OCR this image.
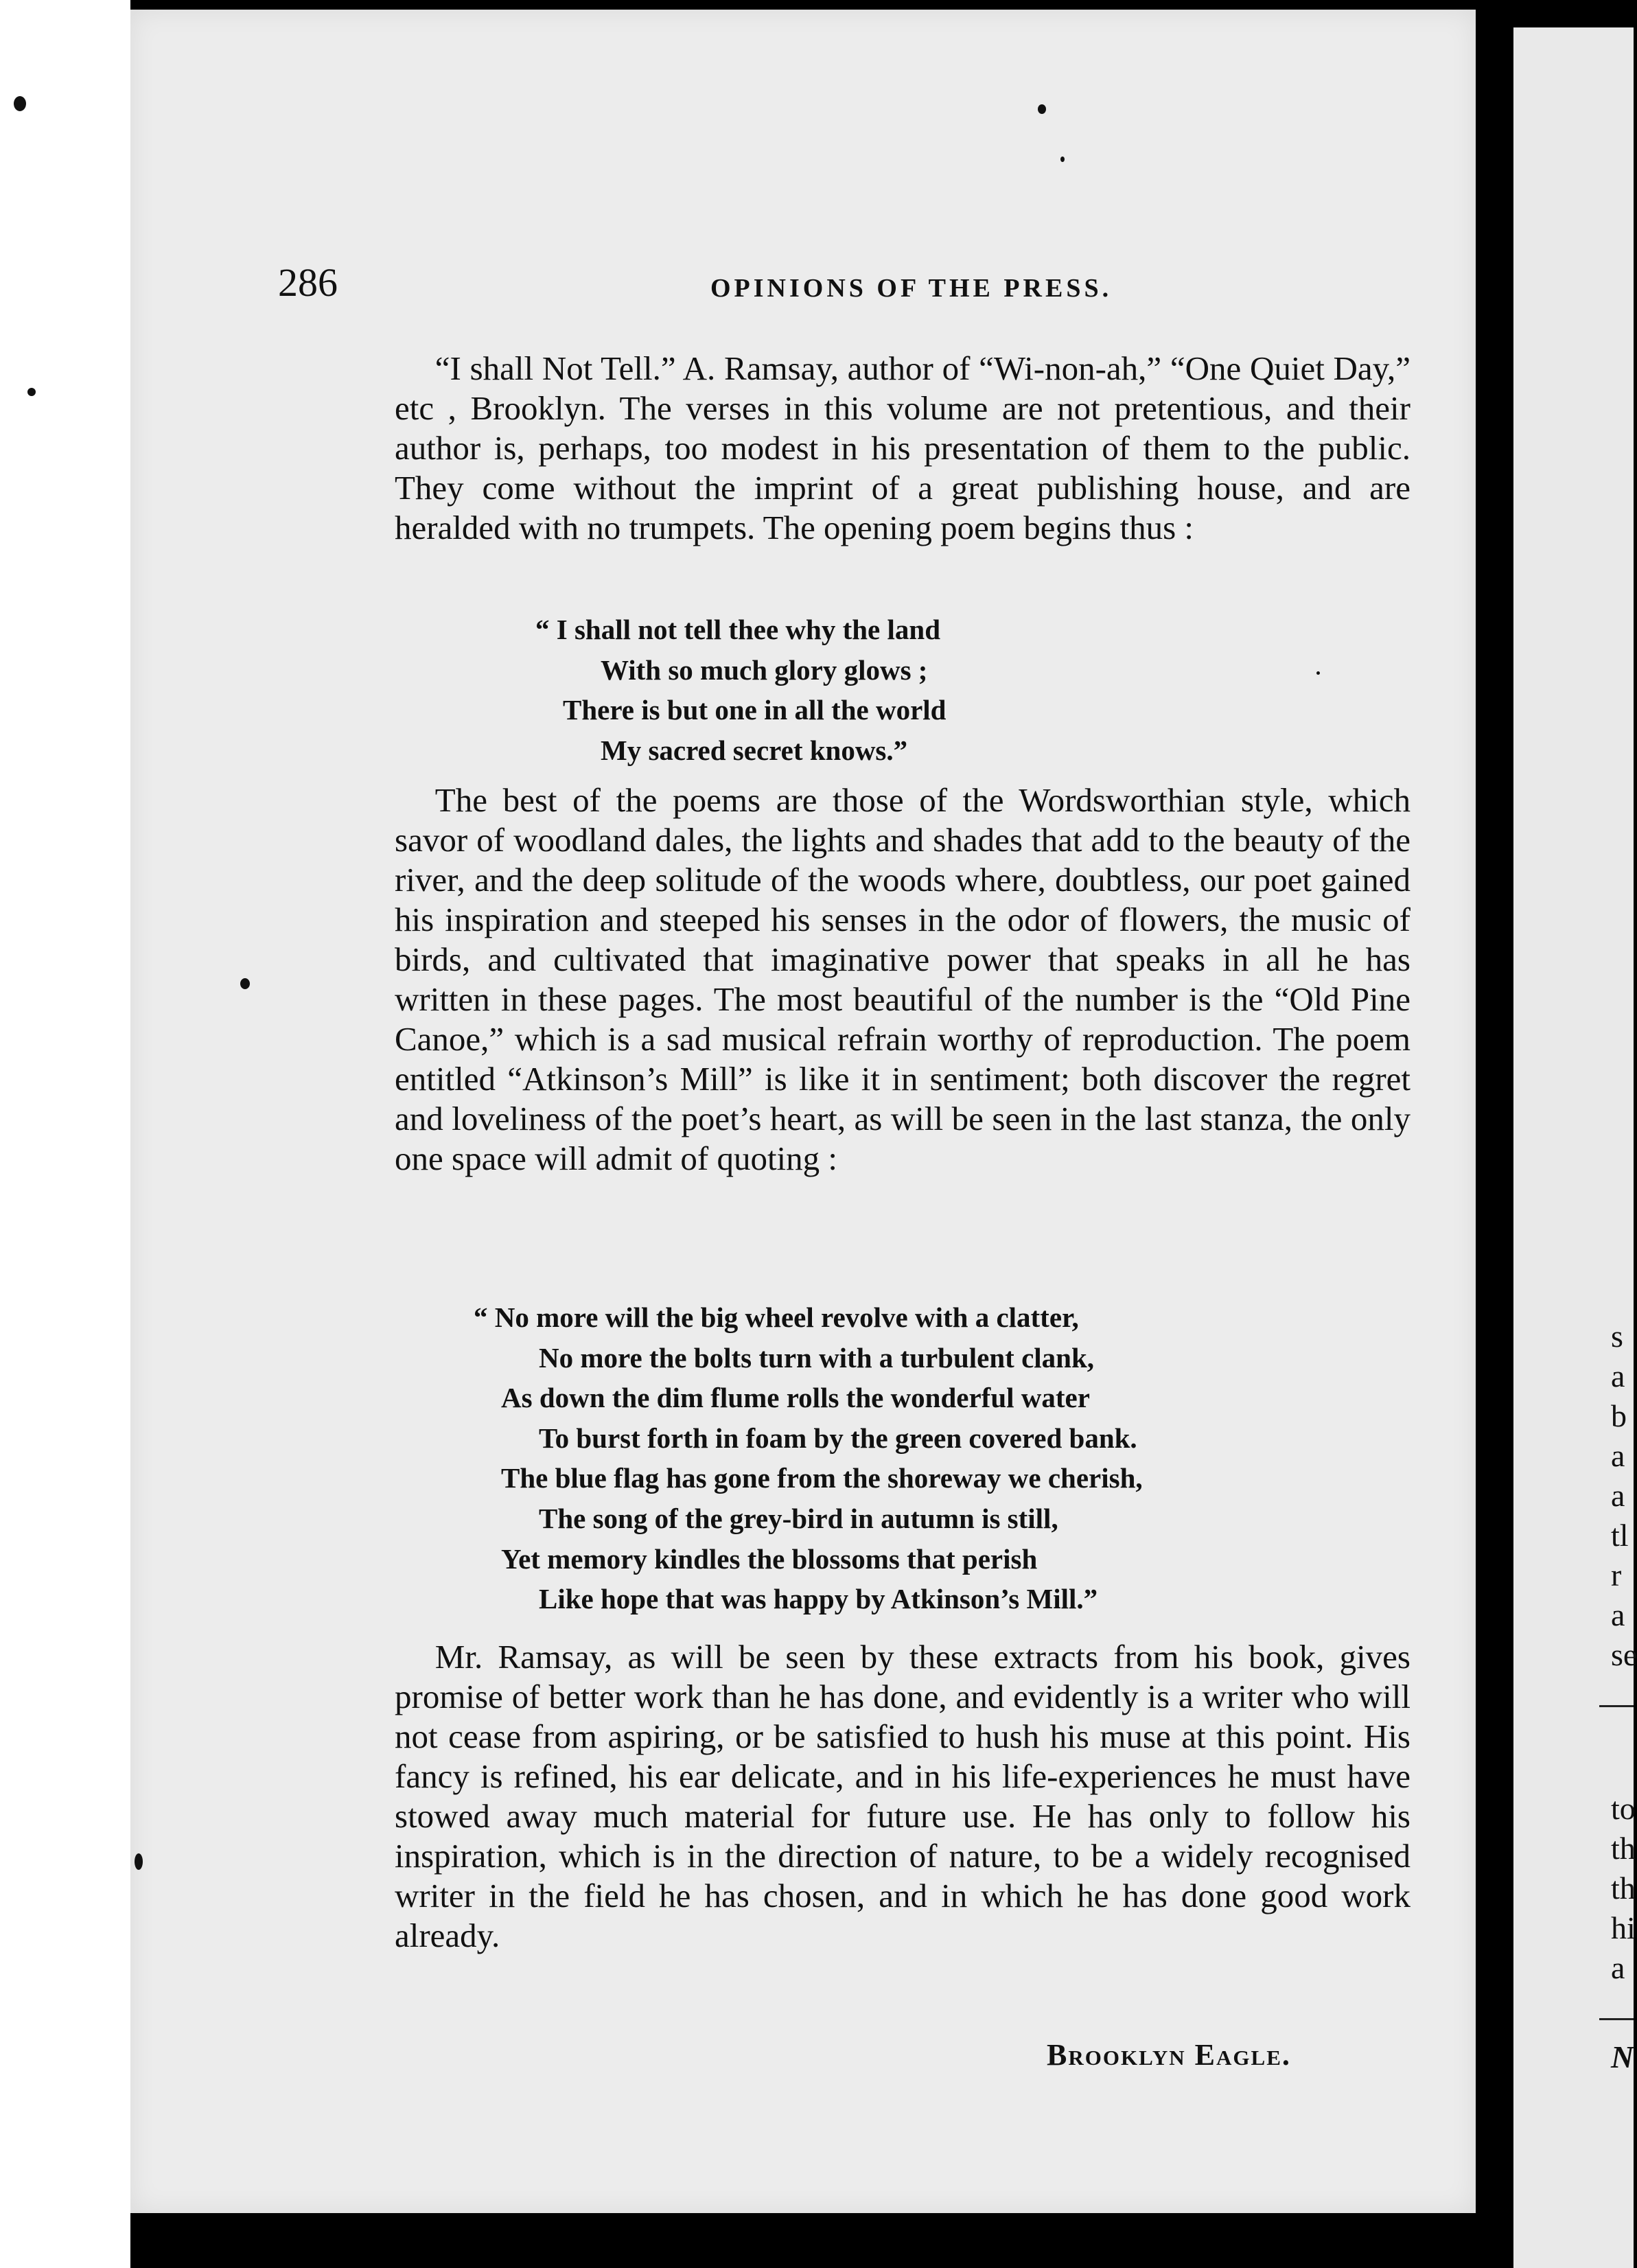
286	OPINIONS OF THE PRESS.

“I shall Not Tell.” A. Ramsay, author of “Wi-non-ah,” “One Quiet Day,” etc , Brooklyn. The verses in this volume are not pretentious, and their author is, perhaps, too modest in his presentation of them to the public. They come without the imprint of a great publishing house, and are heralded with no trumpets. The opening poem begins thus :

“ I shall not tell thee why the land
With so much glory glows ;
There is but one in all the world
My sacred secret knows.”

The best of the poems are those of the Wordsworthian style, which savor of woodland dales, the lights and shades that add to the beauty of the river, and the deep solitude of the woods where, doubtless, our poet gained his inspiration and steeped his senses in the odor of flowers, the music of birds, and cultivated that imaginative power that speaks in all he has written in these pages. The most beautiful of the number is the “Old Pine Canoe,” which is a sad musical refrain worthy of reproduction. The poem entitled “Atkinson’s Mill” is like it in sentiment; both discover the regret and loveliness of the poet’s heart, as will be seen in the last stanza, the only one space will admit of quoting :

“ No more will the big wheel revolve with a clatter,
No more the bolts turn with a turbulent clank,
As down the dim flume rolls the wonderful water
To burst forth in foam by the green covered bank.
The blue flag has gone from the shoreway we cherish,
The song of the grey-bird in autumn is still,
Yet memory kindles the blossoms that perish
Like hope that was happy by Atkinson’s Mill.”

Mr. Ramsay, as will be seen by these extracts from his book, gives promise of better work than he has done, and evidently is a writer who will not cease from aspiring, or be satisfied to hush his muse at this point. His fancy is refined, his ear delicate, and in his life-experiences he must have stowed away much material for future use. He has only to follow his inspiration, which is in the direction of nature, to be a widely recognised writer in the field he has chosen, and in which he has done good work already.

Brooklyn Eagle.
s
a
b
a
a
tl
r
a
se
to
th
th
hi
a
N
